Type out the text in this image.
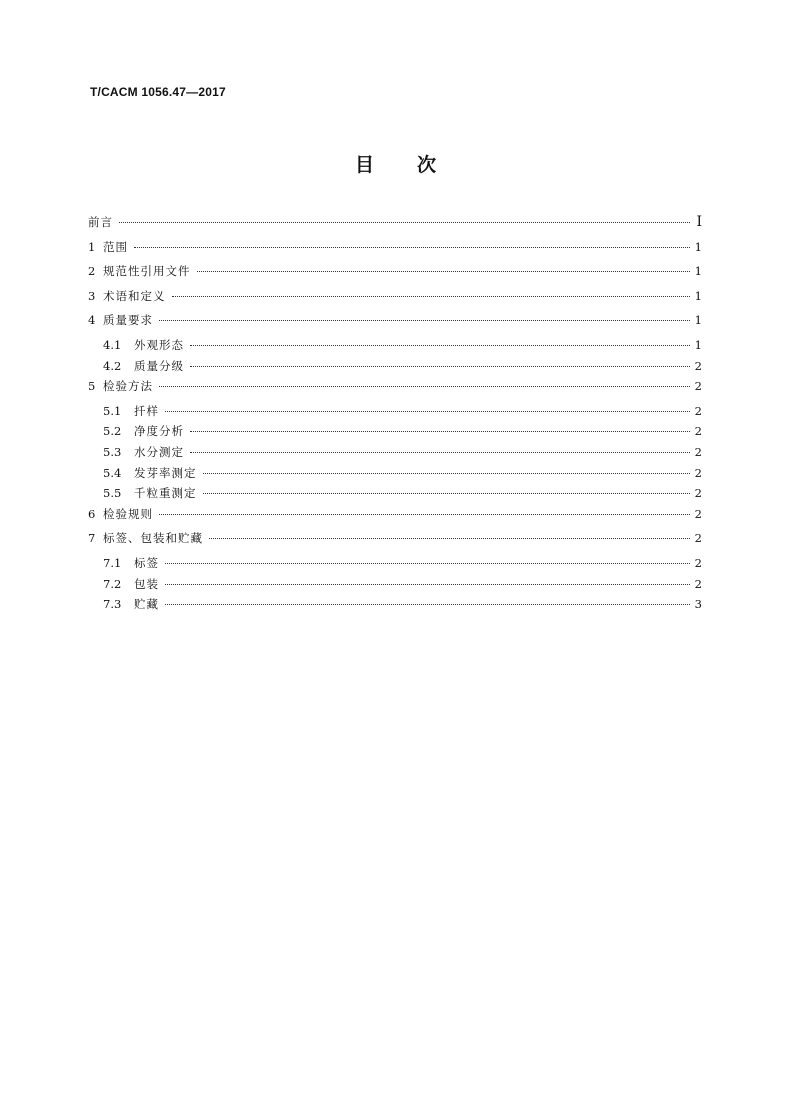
T/CACM 1056.47—2017
目 次
前言	I
1 范围	1
2 规范性引用文件	1
3 术语和定义	1
4 质量要求	1
4.1	外观形态	1
4.2	质量分级	2
5 检验方法	2
5.1	扦样	2
5.2	净度分析	2
5.3	水分测定	2
5.4	发芽率测定	2
5.5	千粒重测定	2
6 检验规则	2
7 标签、包装和贮藏	2
7.1	标签	2
7.2	包装	2
7.3	贮藏	3
